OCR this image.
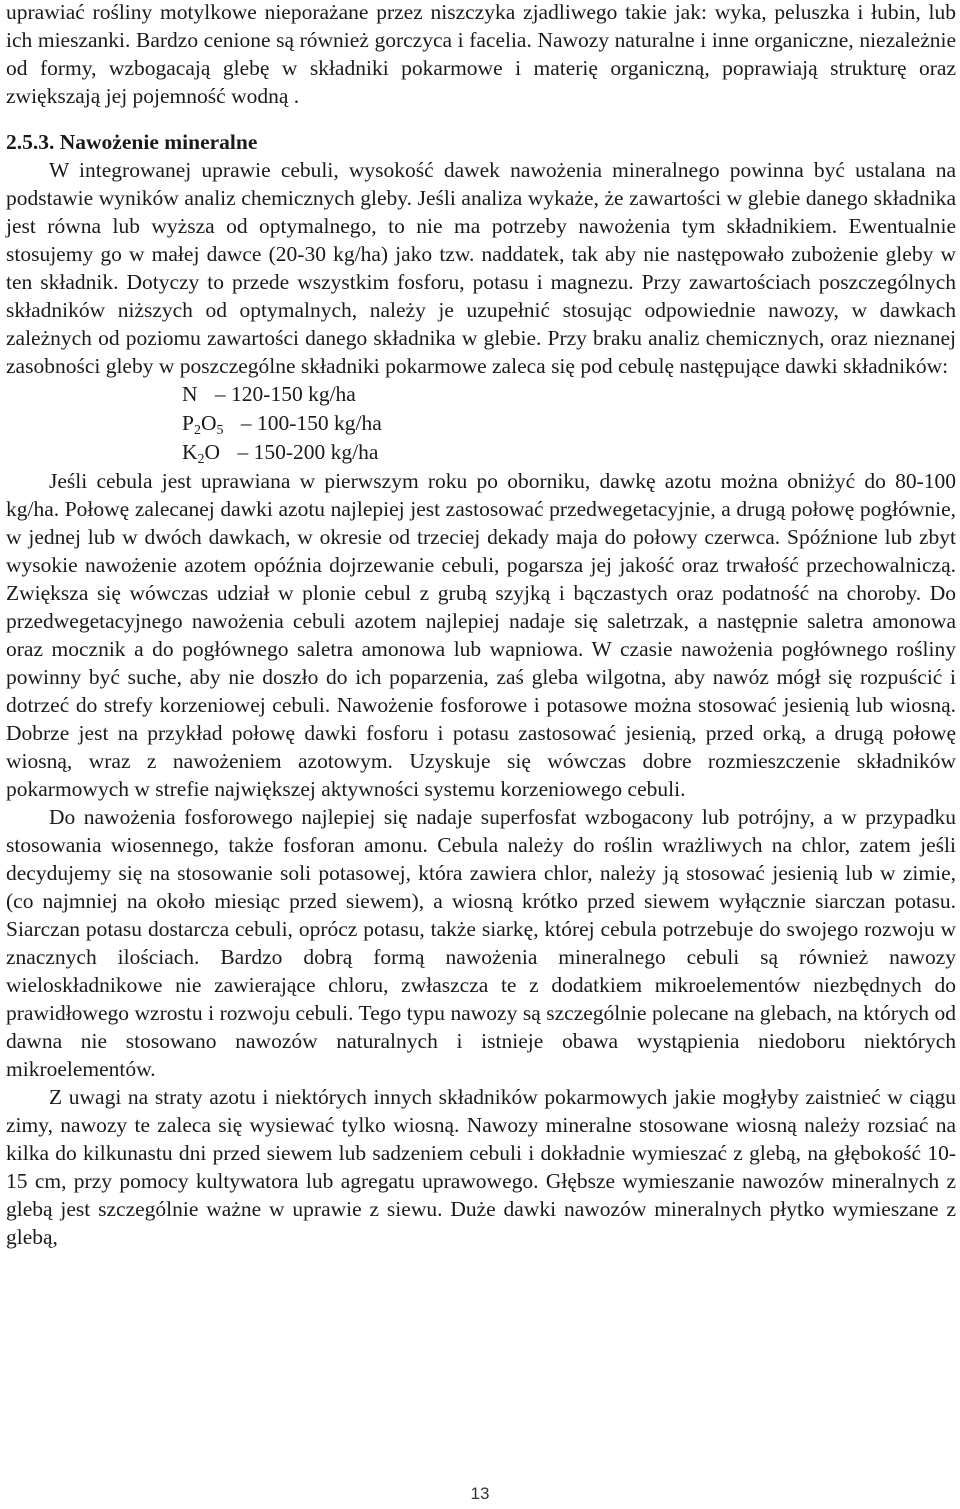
uprawiać rośliny motylkowe nieporażane przez niszczyka zjadliwego takie jak: wyka, peluszka i łubin, lub ich mieszanki. Bardzo cenione są również gorczyca i facelia. Nawozy naturalne i inne organiczne, niezależnie od formy, wzbogacają glebę w składniki pokarmowe i materię organiczną, poprawiają strukturę oraz zwiększają jej pojemność wodną .

2.5.3. Nawożenie mineralne

W integrowanej uprawie cebuli, wysokość dawek nawożenia mineralnego powinna być ustalana na podstawie wyników analiz chemicznych gleby. Jeśli analiza wykaże, że zawartości w glebie danego składnika jest równa lub wyższa od optymalnego, to nie ma potrzeby nawożenia tym składnikiem. Ewentualnie stosujemy go w małej dawce (20-30 kg/ha) jako tzw. naddatek, tak aby nie następowało zubożenie gleby w ten składnik. Dotyczy to przede wszystkim fosforu, potasu i magnezu. Przy zawartościach poszczególnych składników niższych od optymalnych, należy je uzupełnić stosując odpowiednie nawozy, w dawkach zależnych od poziomu zawartości danego składnika w glebie. Przy braku analiz chemicznych, oraz nieznanej zasobności gleby w poszczególne składniki pokarmowe zaleca się pod cebulę następujące dawki składników:

N – 120-150 kg/ha

$P_2O_5 - 100-150$ kg/ha

$K_2O - 150-200$ kg/ha

Jeśli cebula jest uprawiana w pierwszym roku po oborniku, dawkę azotu można obniżyć do 80-100 kg/ha. Połowę zalecanej dawki azotu najlepiej jest zastosować przedwegetacyjnie, a drugą połowę pogłównie, w jednej lub w dwóch dawkach, w okresie od trzeciej dekady maja do połowy czerwca. Spóźnione lub zbyt wysokie nawożenie azotem opóźnia dojrzewanie cebuli, pogarsza jej jakość oraz trwałość przechowalniczą. Zwiększa się wówczas udział w plonie cebul z grubą szyjką i bączastych oraz podatność na choroby. Do przedwegetacyjnego nawożenia cebuli azotem najlepiej nadaje się saletrzak, a następnie saletra amonowa oraz mocznik a do pogłównego saletra amonowa lub wapniowa. W czasie nawożenia pogłównego rośliny powinny być suche, aby nie doszło do ich poparzenia, zaś gleba wilgotna, aby nawóz mógł się rozpuścić i dotrzeć do strefy korzeniowej cebuli. Nawożenie fosforowe i potasowe można stosować jesienią lub wiosną. Dobrze jest na przykład połowę dawki fosforu i potasu zastosować jesienią, przed orką, a drugą połowę wiosną, wraz z nawożeniem azotowym. Uzyskuje się wówczas dobre rozmieszczenie składników pokarmowych w strefie największej aktywności systemu korzeniowego cebuli.

Do nawożenia fosforowego najlepiej się nadaje superfosfat wzbogacony lub potrójny, a w przypadku stosowania wiosennego, także fosforan amonu. Cebula należy do roślin wrażliwych na chlor, zatem jeśli decydujemy się na stosowanie soli potasowej, która zawiera chlor, należy ją stosować jesienią lub w zimie, (co najmniej na około miesiąc przed siewem), a wiosną krótko przed siewem wyłącznie siarczan potasu. Siarczan potasu dostarcza cebuli, oprócz potasu, także siarkę, której cebula potrzebuje do swojego rozwoju w znacznych ilościach. Bardzo dobrą formą nawożenia mineralnego cebuli są również nawozy wieloskładnikowe nie zawierające chloru, zwłaszcza te z dodatkiem mikroelementów niezbędnych do prawidłowego wzrostu i rozwoju cebuli. Tego typu nawozy są szczególnie polecane na glebach, na których od dawna nie stosowano nawozów naturalnych i istnieje obawa wystąpienia niedoboru niektórych mikroelementów.

Z uwagi na straty azotu i niektórych innych składników pokarmowych jakie mogłyby zaistnieć w ciągu zimy, nawozy te zaleca się wysiewać tylko wiosną. Nawozy mineralne stosowane wiosną należy rozsiać na kilka do kilkunastu dni przed siewem lub sadzeniem cebuli i dokładnie wymieszać z glebą, na głębokość 10-15 cm, przy pomocy kultywatora lub agregatu uprawowego. Głębsze wymieszanie nawozów mineralnych z glebą jest szczególnie ważne w uprawie z siewu. Duże dawki nawozów mineralnych płytko wymieszane z glebą,

13
